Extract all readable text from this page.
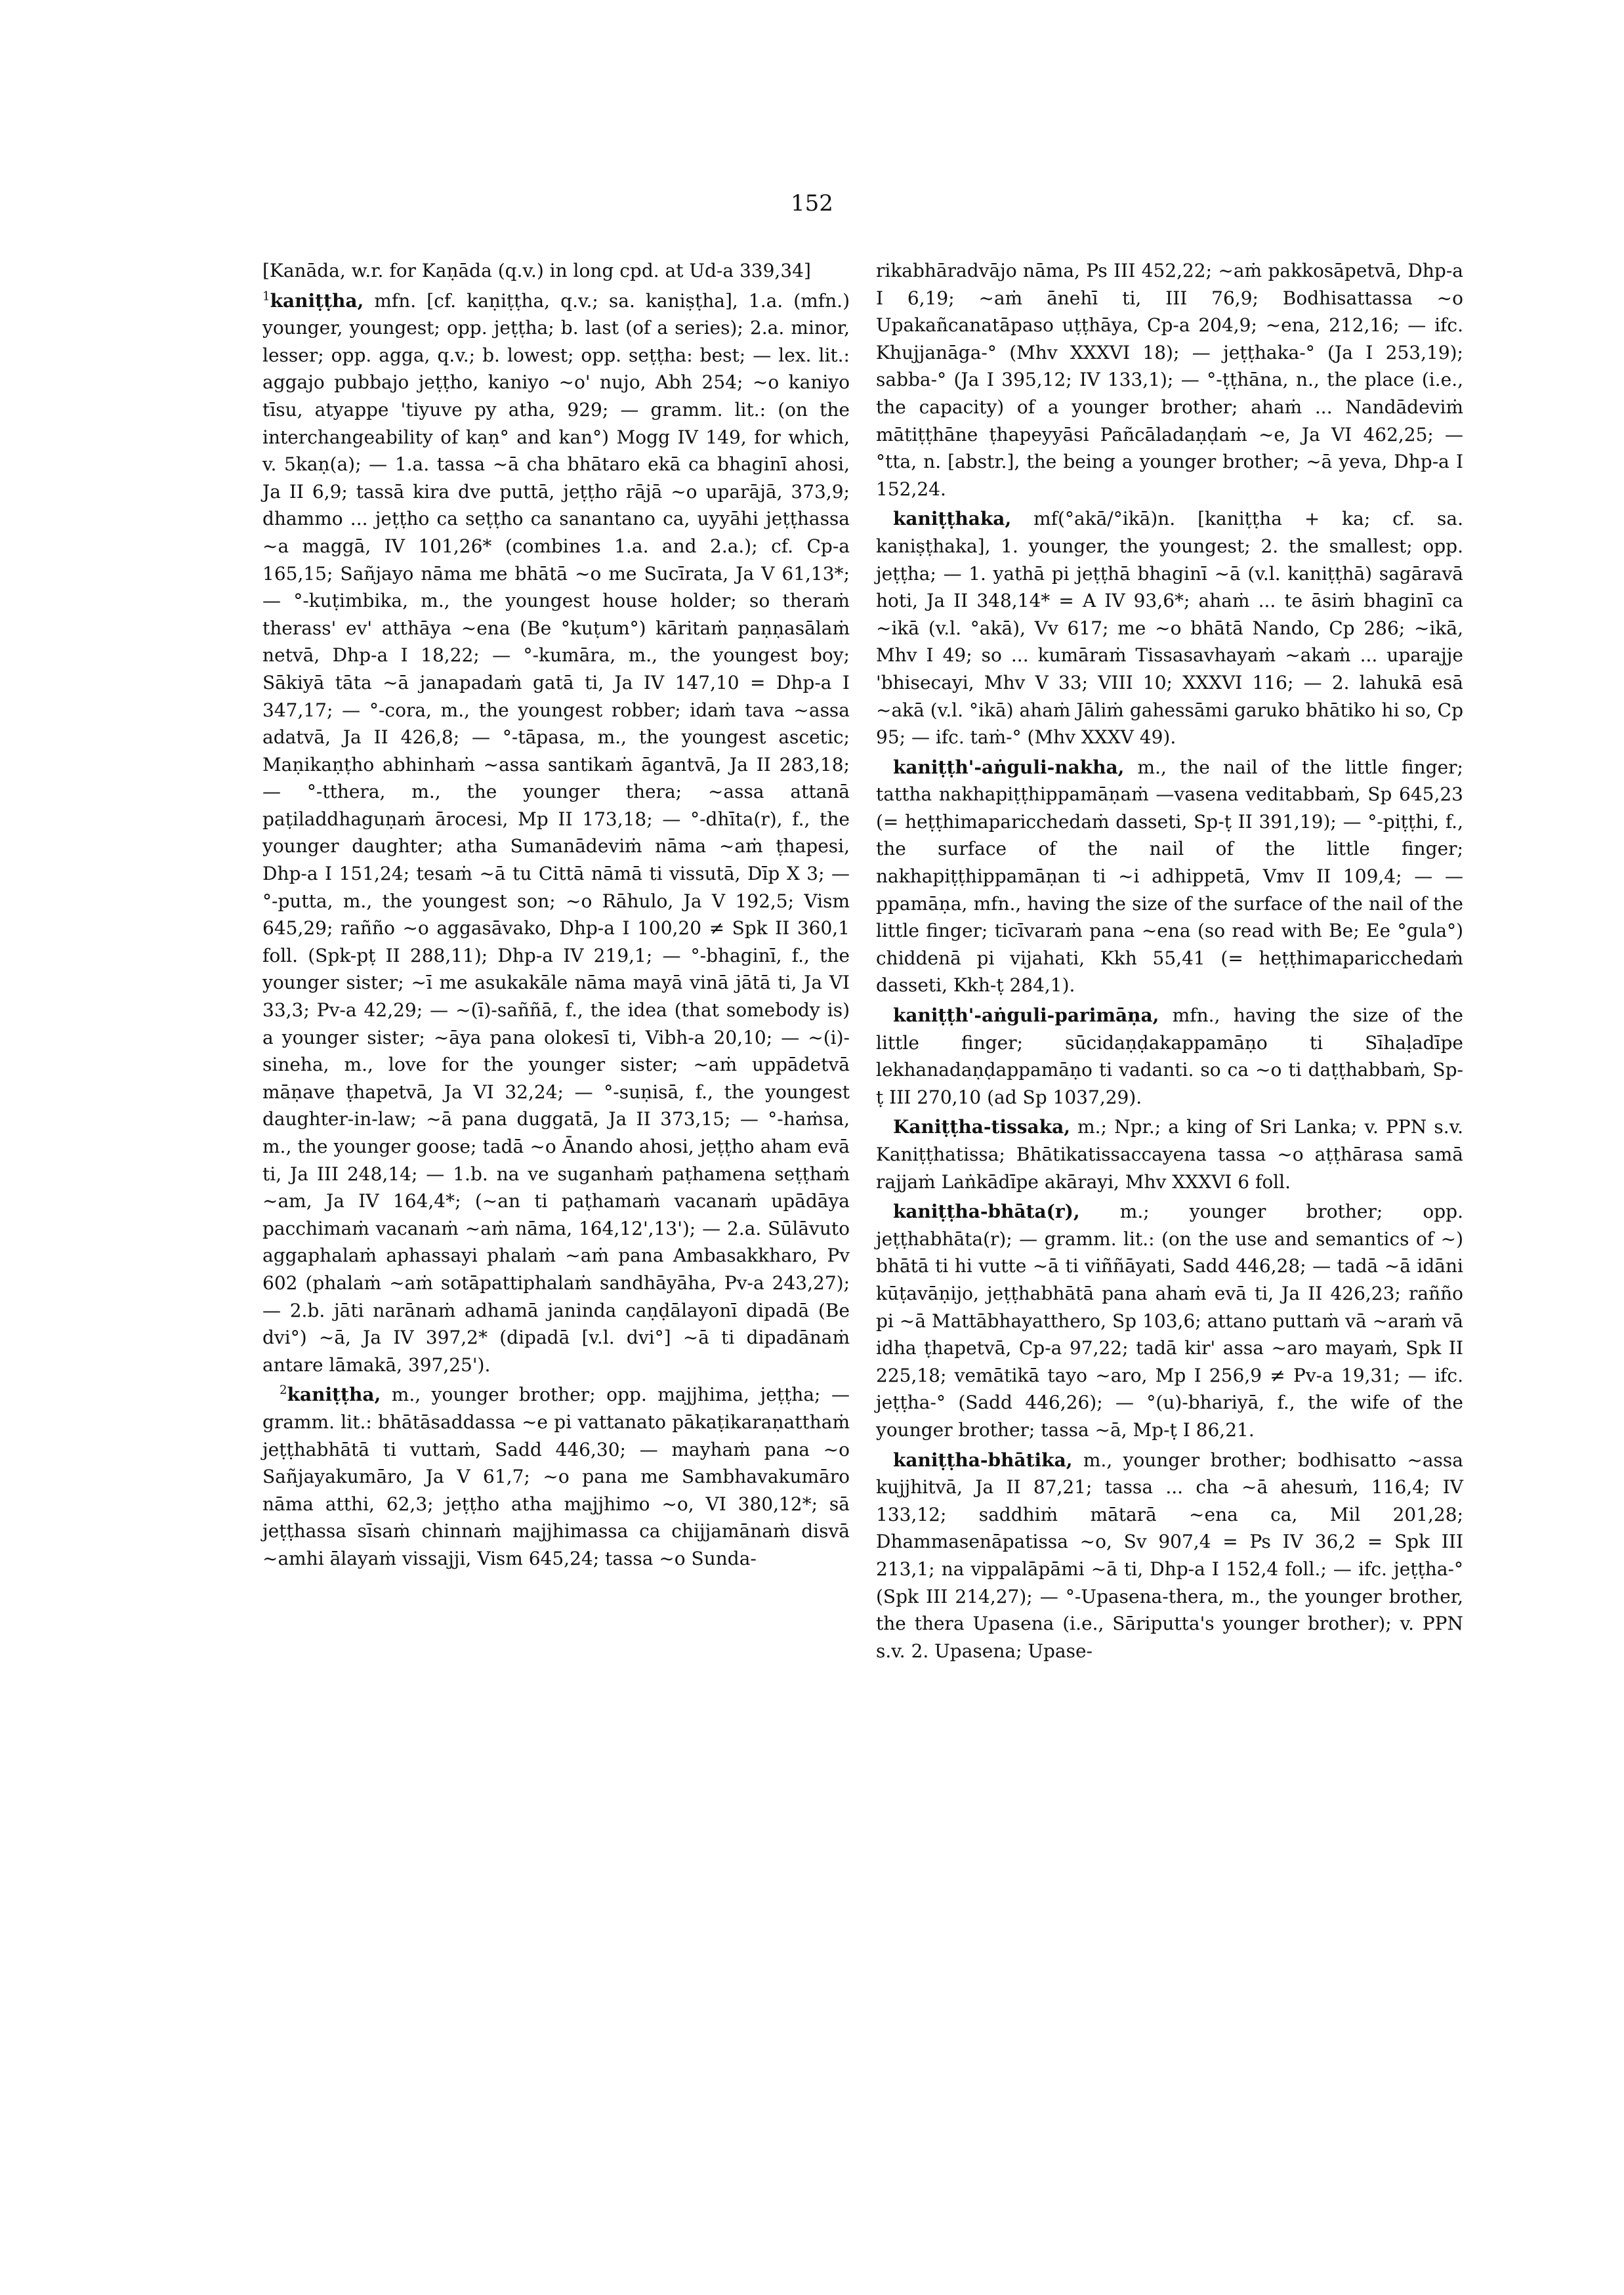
152

[Kanāda, w.r. for Kaṇāda (q.v.) in long cpd. at Ud-a 339,34]

$^1$kaniṭṭha, mfn. [cf. kaṇiṭṭha, q.v.; sa. kaniṣṭha], 1.a. (mfn.) younger, youngest; opp. jeṭṭha; b. last (of a series); 2.a. minor, lesser; opp. agga, q.v.; b. lowest; opp. seṭṭha: best; — lex. lit.: aggajo pubbajo jeṭṭho, kaniyo ~o' nujo, Abh 254; ~o kaniyo tīsu, atyappe 'tiyuve py atha, 929; — gramm. lit.: (on the interchangeability of kaṇ° and kan°) Mogg IV 149, for which, v. 5kaṇ(a); — 1.a. tassa ~ā cha bhātaro ekā ca bhaginī ahosi, Ja II 6,9; tassā kira dve puttā, jeṭṭho rājā ~o uparājā, 373,9; dhammo ... jeṭṭho ca seṭṭho ca sanantano ca, uyyāhi jeṭṭhassa ~a maggā, IV 101,26* (combines 1.a. and 2.a.); cf. Cp-a 165,15; Sañjayo nāma me bhātā ~o me Sucīrata, Ja V 61,13*; — °-kuṭimbika, m., the youngest house holder; so theraṁ therass' ev' atthāya ~ena (Be °kuṭum°) kāritaṁ paṇṇasālaṁ netvā, Dhp-a I 18,22; — °-kumāra, m., the youngest boy; Sākiyā tāta ~ā janapadaṁ gatā ti, Ja IV 147,10 = Dhp-a I 347,17; — °-cora, m., the youngest robber; idaṁ tava ~assa adatvā, Ja II 426,8; — °-tāpasa, m., the youngest ascetic; Maṇikaṇṭho abhinhaṁ ~assa santikaṁ āgantvā, Ja II 283,18; — °-tthera, m., the younger thera; ~assa attanā paṭiladdhaguṇaṁ ārocesi, Mp II 173,18; — °-dhīta(r), f., the younger daughter; atha Sumanādeviṁ nāma ~aṁ ṭhapesi, Dhp-a I 151,24; tesaṁ ~ā tu Cittā nāmā ti vissutā, Dīp X 3; — °-putta, m., the youngest son; ~o Rāhulo, Ja V 192,5; Vism 645,29; rañño ~o aggasāvako, Dhp-a I 100,20 ≠ Spk II 360,1 foll. (Spk-pṭ II 288,11); Dhp-a IV 219,1; — °-bhaginī, f., the younger sister; ~ī me asukakāle nāma mayā vinā jātā ti, Ja VI 33,3; Pv-a 42,29; — ~(ī)-saññā, f., the idea (that somebody is) a younger sister; ~āya pana olokesī ti, Vibh-a 20,10; — ~(i)-sineha, m., love for the younger sister; ~aṁ uppādetvā māṇave ṭhapetvā, Ja VI 32,24; — °-suṇisā, f., the youngest daughter-in-law; ~ā pana duggatā, Ja II 373,15; — °-haṁsa, m., the younger goose; tadā ~o Ānando ahosi, jeṭṭho aham evā ti, Ja III 248,14; — 1.b. na ve suganhaṁ paṭhamena seṭṭhaṁ ~am, Ja IV 164,4*; (~an ti paṭhamaṁ vacanaṁ upādāya pacchimaṁ vacanaṁ ~aṁ nāma, 164,12',13'); — 2.a. Sūlāvuto aggaphalaṁ aphassayi phalaṁ ~aṁ pana Ambasakkharo, Pv 602 (phalaṁ ~aṁ sotāpattiphalaṁ sandhāyāha, Pv-a 243,27); — 2.b. jāti narānaṁ adhamā janinda caṇḍālayonī dipadā (Be dvi°) ~ā, Ja IV 397,2* (dipadā [v.l. dvi°] ~ā ti dipadānaṁ antare lāmakā, 397,25').

$^2$kaniṭṭha, m., younger brother; opp. majjhima, jeṭṭha; — gramm. lit.: bhātāsaddassa ~e pi vattanato pākaṭikaraṇatthaṁ jeṭṭhabhātā ti vuttaṁ, Sadd 446,30; — mayhaṁ pana ~o Sañjayakumāro, Ja V 61,7; ~o pana me Sambhavakumāro nāma atthi, 62,3; jeṭṭho atha majjhimo ~o, VI 380,12*; sā jeṭṭhassa sīsaṁ chinnaṁ majjhimassa ca chijjamānaṁ disvā ~amhi ālayaṁ vissajji, Vism 645,24; tassa ~o Sunda-

rikabhāradvājo nāma, Ps III 452,22; ~aṁ pakkosāpetvā, Dhp-a I 6,19; ~aṁ ānehī ti, III 76,9; Bodhisattassa ~o Upakañcanatāpaso uṭṭhāya, Cp-a 204,9; ~ena, 212,16; — ifc. Khujjanāga-° (Mhv XXXVI 18); — jeṭṭhaka-° (Ja I 253,19); sabba-° (Ja I 395,12; IV 133,1); — °-ṭṭhāna, n., the place (i.e., the capacity) of a younger brother; ahaṁ ... Nandādeviṁ mātiṭṭhāne ṭhapeyyāsi Pañcāladaṇḍaṁ ~e, Ja VI 462,25; — °tta, n. [abstr.], the being a younger brother; ~ā yeva, Dhp-a I 152,24.

kaniṭṭhaka, mf(°akā/°ikā)n. [kaniṭṭha + ka; cf. sa. kaniṣṭhaka], 1. younger, the youngest; 2. the smallest; opp. jeṭṭha; — 1. yathā pi jeṭṭhā bhaginī ~ā (v.l. kaniṭṭhā) sagāravā hoti, Ja II 348,14* = A IV 93,6*; ahaṁ ... te āsiṁ bhaginī ca ~ikā (v.l. °akā), Vv 617; me ~o bhātā Nando, Cp 286; ~ikā, Mhv I 49; so ... kumāraṁ Tissasavhayaṁ ~akaṁ ... uparajje 'bhisecayi, Mhv V 33; VIII 10; XXXVI 116; — 2. lahukā esā ~akā (v.l. °ikā) ahaṁ Jāliṁ gahessāmi garuko bhātiko hi so, Cp 95; — ifc. taṁ-° (Mhv XXXV 49).

kaniṭṭh'-aṅguli-nakha, m., the nail of the little finger; tattha nakhapiṭṭhippamāṇaṁ —vasena veditabbaṁ, Sp 645,23 (= heṭṭhimaparicchedaṁ dasseti, Sp-ṭ II 391,19); — °-piṭṭhi, f., the surface of the nail of the little finger; nakhapiṭṭhippamāṇan ti ~i adhippetā, Vmv II 109,4; — —ppamāṇa, mfn., having the size of the surface of the nail of the little finger; ticīvaraṁ pana ~ena (so read with Be; Ee °gula°) chiddenā pi vijahati, Kkh 55,41 (= heṭṭhimaparicchedaṁ dasseti, Kkh-ṭ 284,1).

kaniṭṭh'-aṅguli-parimāṇa, mfn., having the size of the little finger; sūcidaṇḍakappamāṇo ti Sīhaḷadīpe lekhanadaṇḍappamāṇo ti vadanti. so ca ~o ti daṭṭhabbaṁ, Sp-ṭ III 270,10 (ad Sp 1037,29).

Kaniṭṭha-tissaka, m.; Npr.; a king of Sri Lanka; v. PPN s.v. Kaniṭṭhatissa; Bhātikatissaccayena tassa ~o aṭṭhārasa samā rajjaṁ Laṅkādīpe akārayi, Mhv XXXVI 6 foll.

kaniṭṭha-bhāta(r), m.; younger brother; opp. jeṭṭhabhāta(r); — gramm. lit.: (on the use and semantics of ~) bhātā ti hi vutte ~ā ti viññāyati, Sadd 446,28; — tadā ~ā idāni kūṭavāṇijo, jeṭṭhabhātā pana ahaṁ evā ti, Ja II 426,23; rañño pi ~ā Mattābhayatthero, Sp 103,6; attano puttaṁ vā ~araṁ vā idha ṭhapetvā, Cp-a 97,22; tadā kir' assa ~aro mayaṁ, Spk II 225,18; vemātikā tayo ~aro, Mp I 256,9 ≠ Pv-a 19,31; — ifc. jeṭṭha-° (Sadd 446,26); — °(u)-bhariyā, f., the wife of the younger brother; tassa ~ā, Mp-ṭ I 86,21.

kaniṭṭha-bhātika, m., younger brother; bodhisatto ~assa kujjhitvā, Ja II 87,21; tassa ... cha ~ā ahesuṁ, 116,4; IV 133,12; saddhiṁ mātarā ~ena ca, Mil 201,28; Dhammasenāpatissa ~o, Sv 907,4 = Ps IV 36,2 = Spk III 213,1; na vippalāpāmi ~ā ti, Dhp-a I 152,4 foll.; — ifc. jeṭṭha-° (Spk III 214,27); — °-Upasena-thera, m., the younger brother, the thera Upasena (i.e., Sāriputta's younger brother); v. PPN s.v. 2. Upasena; Upase-
